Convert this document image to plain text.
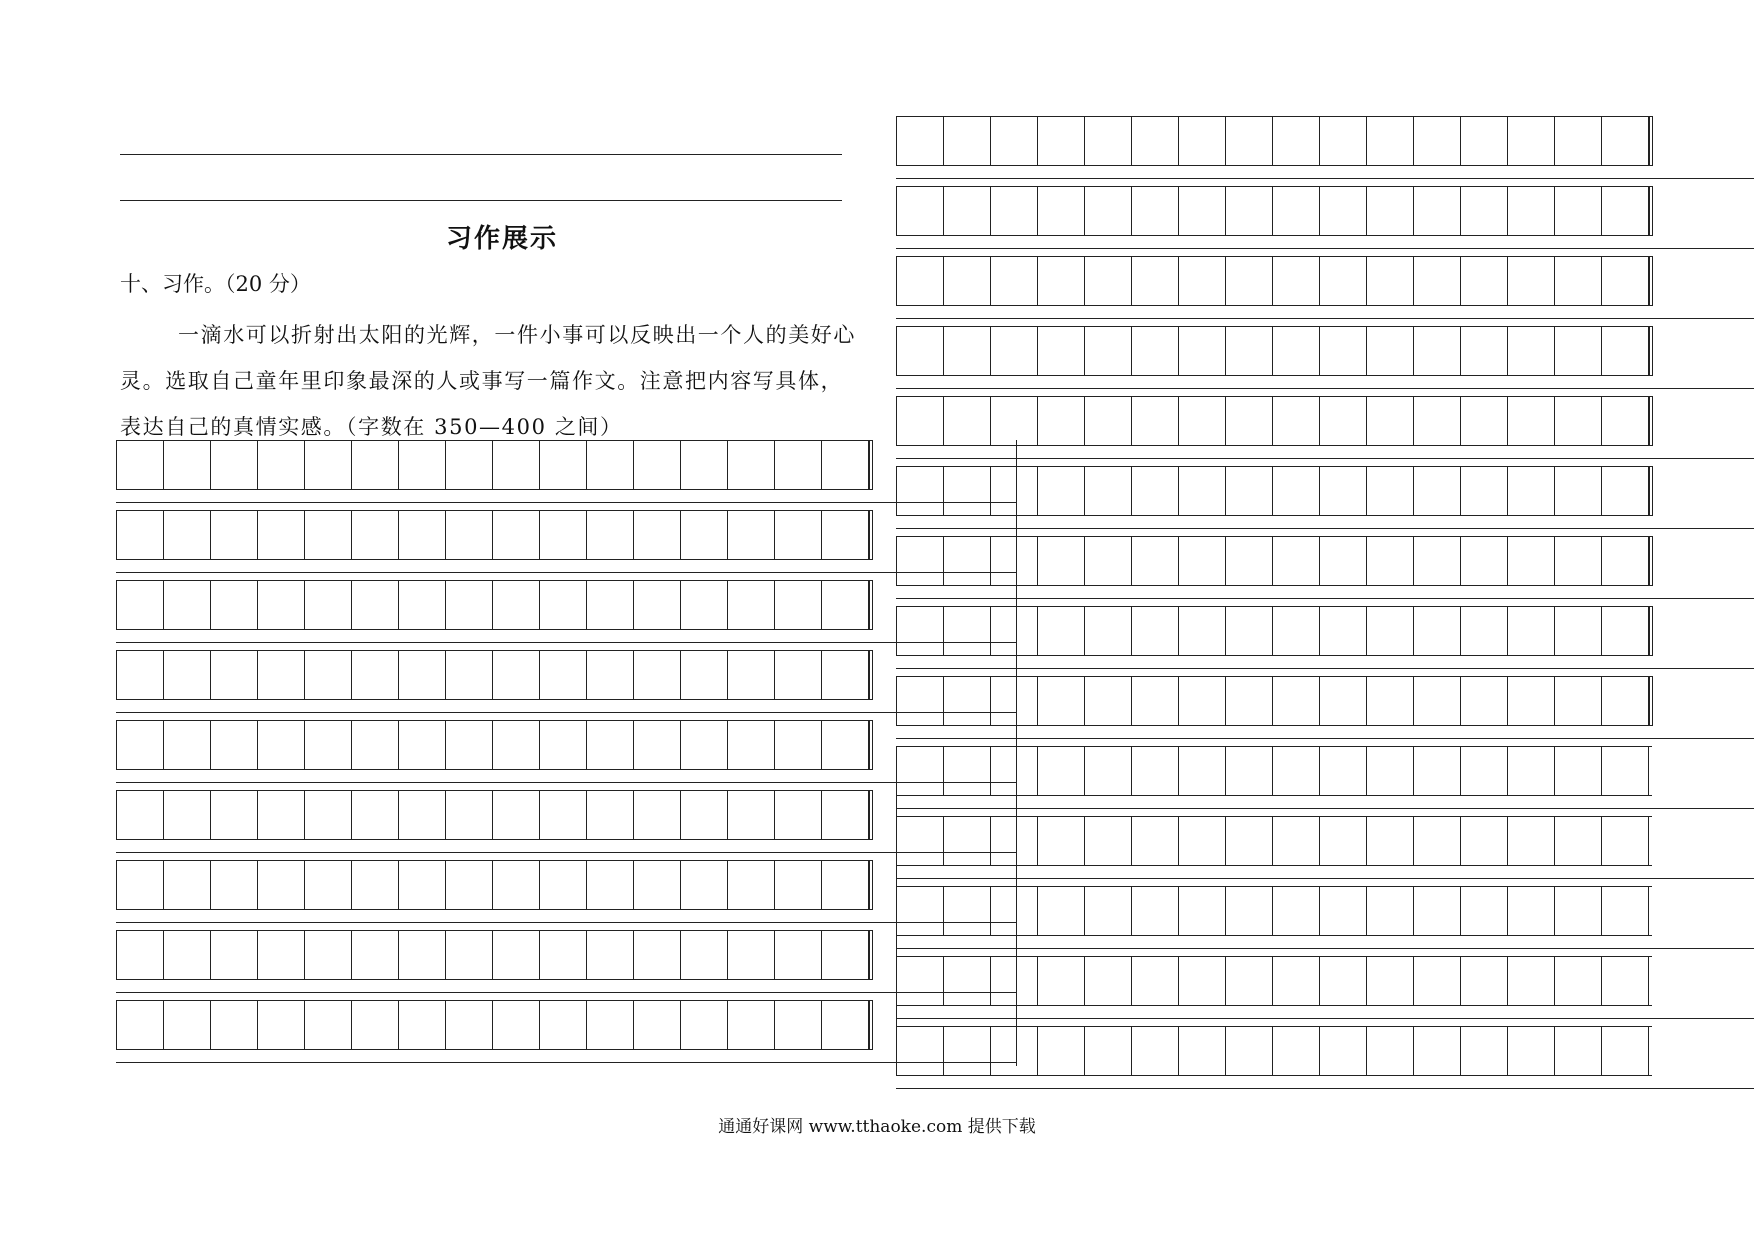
习作展示
十、习作。（20 分）
一滴水可以折射出太阳的光辉，一件小事可以反映出一个人的美好心灵。选取自己童年里印象最深的人或事写一篇作文。注意把内容写具体，表达自己的真情实感。（字数在 350—400 之间）
通通好课网 www.tthaoke.com 提供下载
